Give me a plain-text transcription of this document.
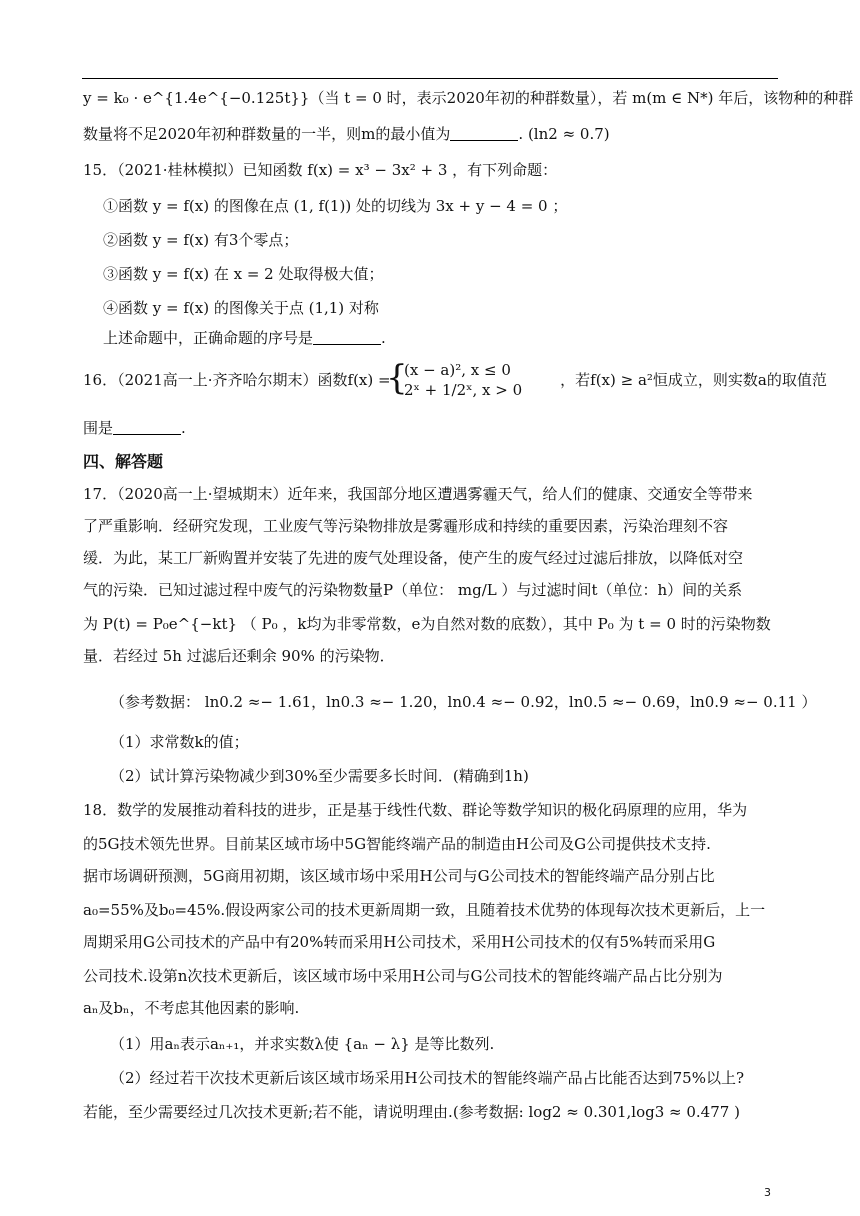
y = k₀ · e^{1.4e^{−0.125t}}（当 t = 0 时，表示2020年初的种群数量），若 m(m ∈ N*) 年后，该物种的种群
数量将不足2020年初种群数量的一半，则m的最小值为	. (ln2 ≈ 0.7)
15．（2021·桂林模拟）已知函数 f(x) = x³ − 3x² + 3 ，有下列命题：
①函数 y = f(x) 的图像在点 (1, f(1)) 处的切线为 3x + y − 4 = 0 ；
②函数 y = f(x) 有3个零点；
③函数 y = f(x) 在 x = 2 处取得极大值；
④函数 y = f(x) 的图像关于点 (1,1) 对称
上述命题中，正确命题的序号是	.
16．（2021高一上·齐齐哈尔期末）函数f(x) =	，若f(x) ≥ a²恒成立，则实数a的取值范
{
(x − a)², x ≤ 0
2ˣ + 1/2ˣ, x > 0
围是	.
四、解答题
17．（2020高一上·望城期末）近年来，我国部分地区遭遇雾霾天气，给人们的健康、交通安全等带来
了严重影响．经研究发现，工业废气等污染物排放是雾霾形成和持续的重要因素，污染治理刻不容
缓．为此，某工厂新购置并安装了先进的废气处理设备，使产生的废气经过过滤后排放，以降低对空
气的污染．已知过滤过程中废气的污染物数量P（单位： mg/L ）与过滤时间t（单位：h）间的关系
为 P(t) = P₀e^{−kt} （ P₀ ，k均为非零常数，e为自然对数的底数），其中 P₀ 为 t = 0 时的污染物数
量．若经过 5h 过滤后还剩余 90% 的污染物．
（参考数据： ln0.2 ≈− 1.61，ln0.3 ≈− 1.20，ln0.4 ≈− 0.92，ln0.5 ≈− 0.69，ln0.9 ≈− 0.11 ）
（1）求常数k的值；
（2）试计算污染物减少到30%至少需要多长时间．(精确到1h)
18．数学的发展推动着科技的进步，正是基于线性代数、群论等数学知识的极化码原理的应用，华为
的5G技术领先世界。目前某区域市场中5G智能终端产品的制造由H公司及G公司提供技术支持.
据市场调研预测，5G商用初期，该区域市场中采用H公司与G公司技术的智能终端产品分别占比
a₀=55%及b₀=45%.假设两家公司的技术更新周期一致，且随着技术优势的体现每次技术更新后，上一
周期采用G公司技术的产品中有20%转而采用H公司技术，采用H公司技术的仅有5%转而采用G
公司技术.设第n次技术更新后，该区域市场中采用H公司与G公司技术的智能终端产品占比分别为
aₙ及bₙ，不考虑其他因素的影响.
（1）用aₙ表示aₙ₊₁，并求实数λ使 {aₙ − λ} 是等比数列.
（2）经过若干次技术更新后该区域市场采用H公司技术的智能终端产品占比能否达到75%以上?
若能，至少需要经过几次技术更新;若不能，请说明理由.(参考数据: log2 ≈ 0.301,log3 ≈ 0.477 )
3
